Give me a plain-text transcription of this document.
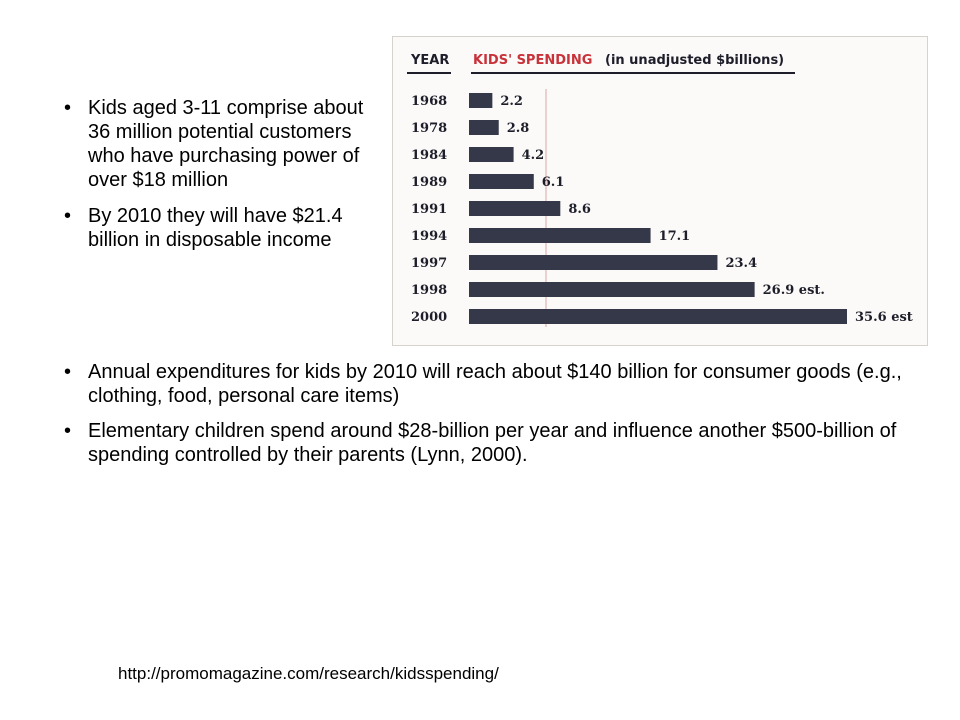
• Kids aged 3-11 comprise about 36 million potential customers who have purchasing power of over $18 million
• By 2010 they will have $21.4 billion in disposable income
YEAR KIDS' SPENDING (in unadjusted $billions)
1968	2.2
1978	2.8
1984	4.2
1989	6.1
1991	8.6
1994	17.1
1997	23.4
1998	26.9 est.
2000	35.6 est
• Annual expenditures for kids by 2010 will reach about $140 billion for consumer goods (e.g., clothing, food, personal care items)
• Elementary children spend around $28-billion per year and influence another $500-billion of spending controlled by their parents (Lynn, 2000).
http://promomagazine.com/research/kidsspending/
